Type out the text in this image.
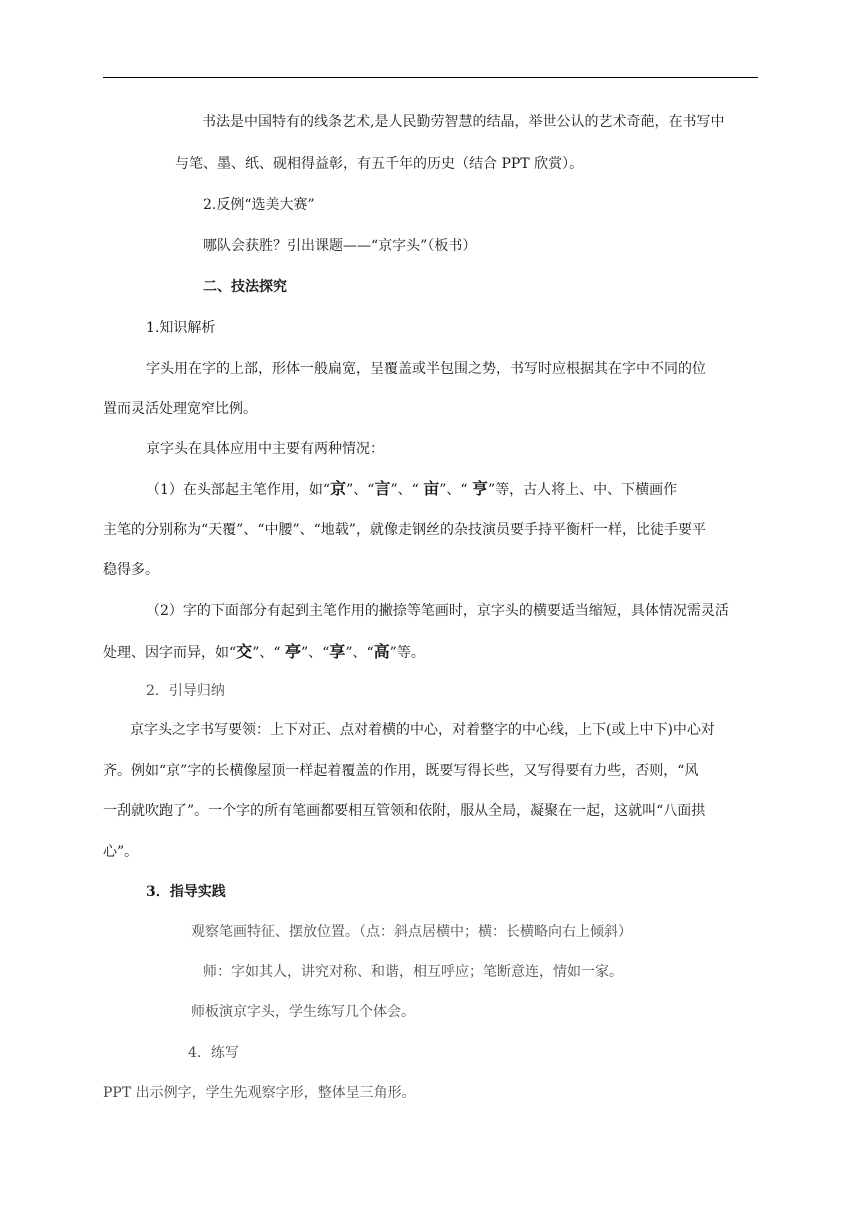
书法是中国特有的线条艺术,是人民勤劳智慧的结晶，举世公认的艺术奇葩，在书写中
与笔、墨、纸、砚相得益彰，有五千年的历史（结合 PPT 欣赏）。
2.反例“选美大赛”
哪队会获胜？引出课题——“京字头”（板书）
二、技法探究
1.知识解析
字头用在字的上部，形体一般扁宽，呈覆盖或半包围之势，书写时应根据其在字中不同的位
置而灵活处理宽窄比例。
京字头在具体应用中主要有两种情况：
（1）在头部起主笔作用，如“京”、“言”、“ 亩”、“ 亨”等，古人将上、中、下横画作
主笔的分别称为“天覆”、“中腰”、“地载”，就像走钢丝的杂技演员要手持平衡杆一样，比徒手要平
稳得多。
（2）字的下面部分有起到主笔作用的撇捺等笔画时，京字头的横要适当缩短，具体情况需灵活
处理、因字而异，如“交”、“ 亭”、“享”、“高”等。
2．引导归纳
京字头之字书写要领：上下对正、点对着横的中心，对着整字的中心线，上下(或上中下)中心对
齐。例如“京”字的长横像屋顶一样起着覆盖的作用，既要写得长些，又写得要有力些，否则，“风
一刮就吹跑了”。一个字的所有笔画都要相互管领和依附，服从全局，凝聚在一起，这就叫“八面拱
心”。
3．指导实践
观察笔画特征、摆放位置。（点：斜点居横中；横：长横略向右上倾斜）
师：字如其人，讲究对称、和谐，相互呼应；笔断意连，情如一家。
师板演京字头，学生练写几个体会。
4．练写
PPT 出示例字，学生先观察字形，整体呈三角形。
